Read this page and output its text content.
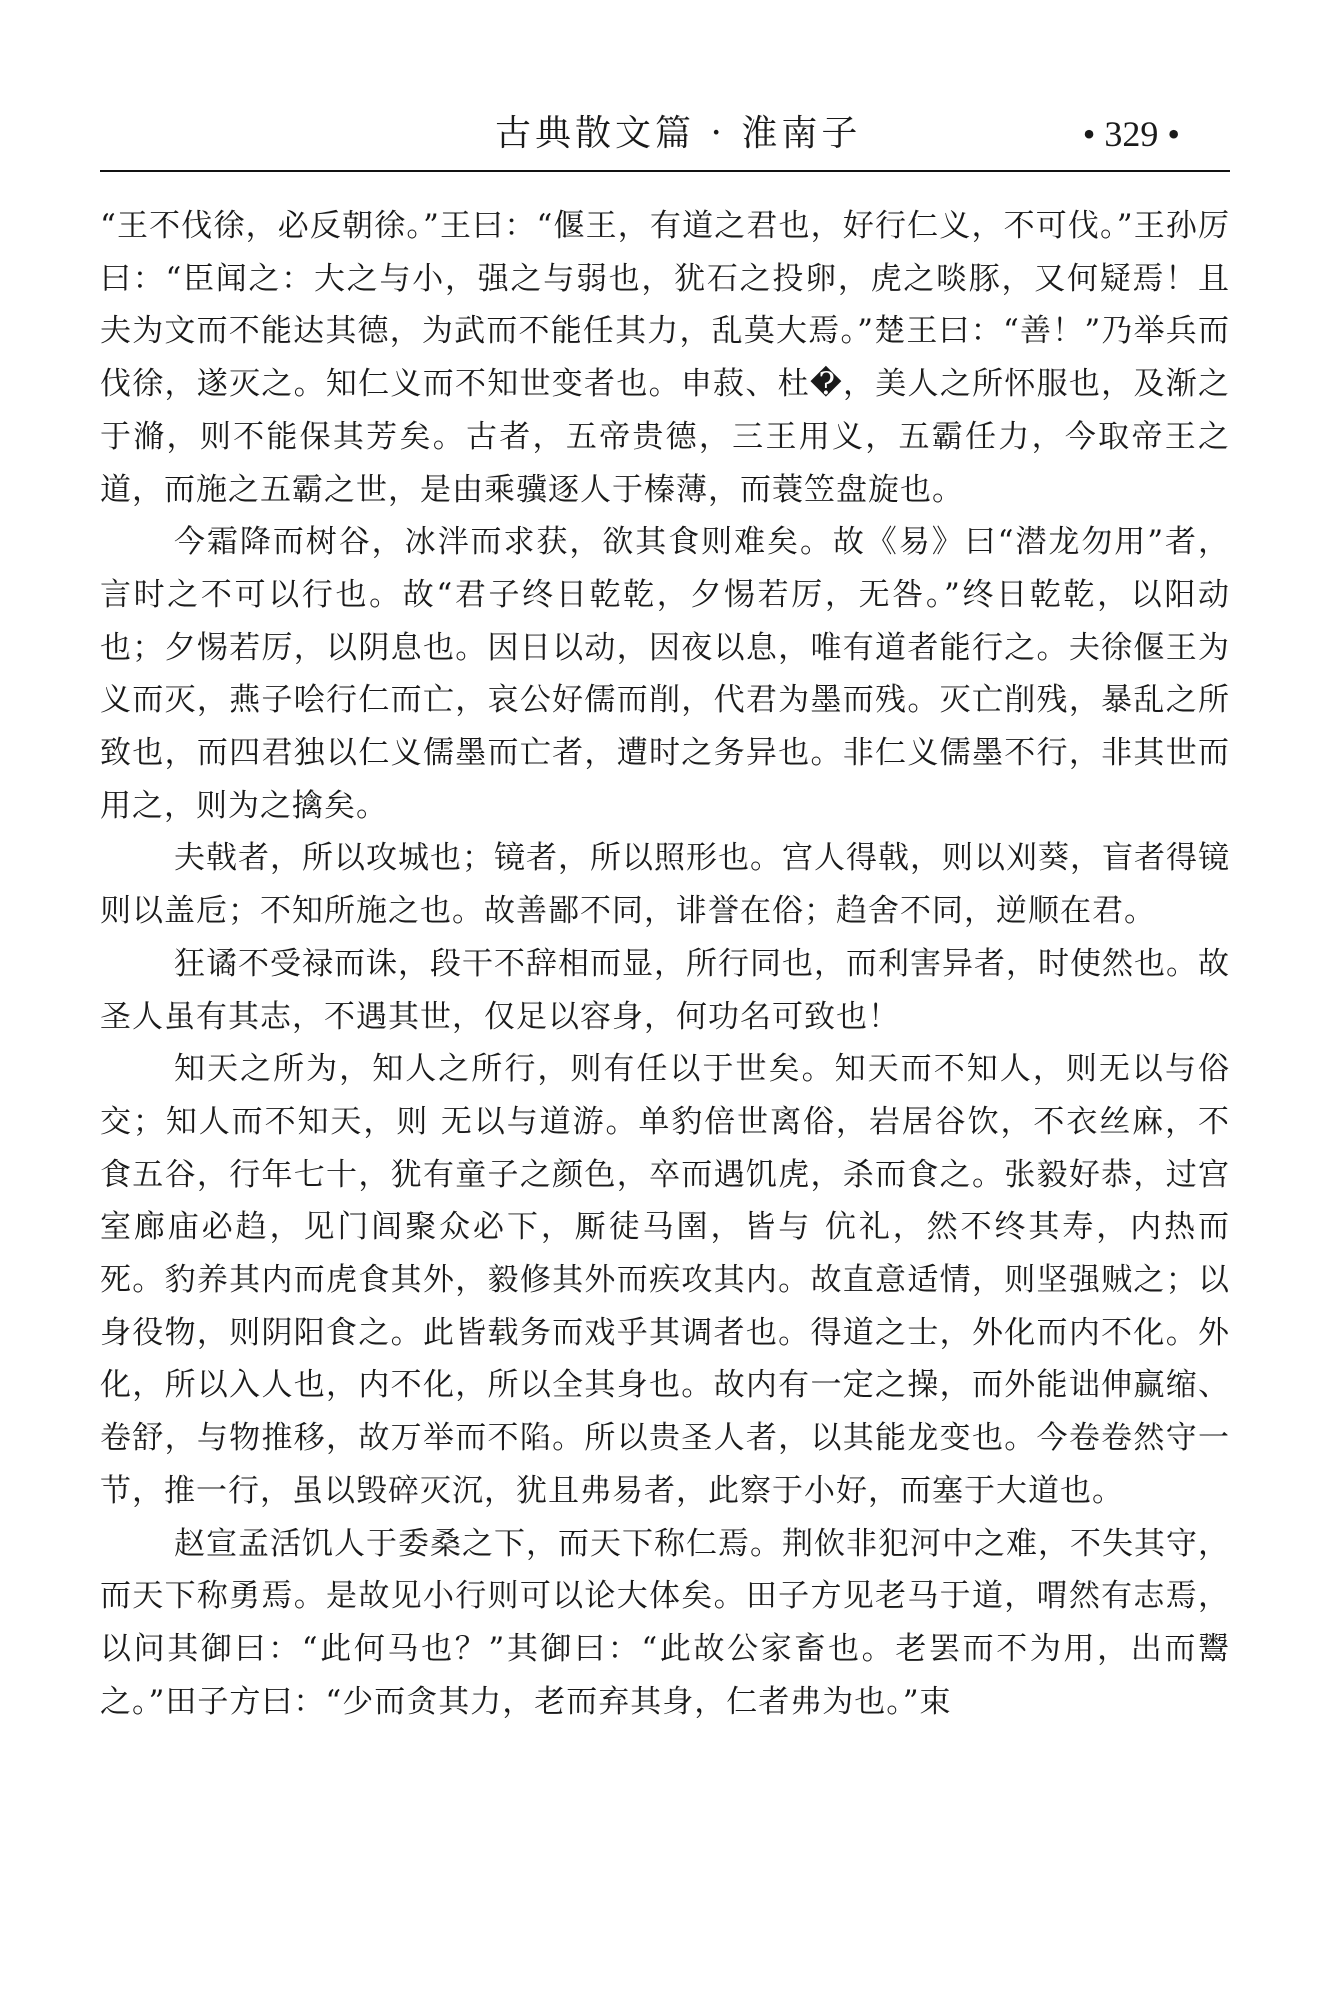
古典散文篇 · 淮南子	• 329 •

“王不伐徐，必反朝徐。”王曰：“偃王，有道之君也，好行仁义，不可伐。”王孙厉曰：“臣闻之：大之与小，强之与弱也，犹石之投卵，虎之啖豚，又何疑焉！且夫为文而不能达其德，为武而不能任其力，乱莫大焉。”楚王曰：“善！”乃举兵而伐徐，遂灭之。知仁义而不知世变者也。申菽、杜�，美人之所怀服也，及渐之于滫，则不能保其芳矣。古者，五帝贵德，三王用义，五霸任力，今取帝王之道，而施之五霸之世，是由乘骥逐人于榛薄，而蓑笠盘旋也。

今霜降而树谷，冰泮而求获，欲其食则难矣。故《易》曰“潜龙勿用”者，言时之不可以行也。故“君子终日乾乾，夕惕若厉，无咎。”终日乾乾，以阳动也；夕惕若厉，以阴息也。因日以动，因夜以息，唯有道者能行之。夫徐偃王为义而灭，燕子哙行仁而亡，哀公好儒而削，代君为墨而残。灭亡削残，暴乱之所致也，而四君独以仁义儒墨而亡者，遭时之务异也。非仁义儒墨不行，非其世而用之，则为之擒矣。

夫戟者，所以攻城也；镜者，所以照形也。宫人得戟，则以刈葵，盲者得镜则以盖卮；不知所施之也。故善鄙不同，诽誉在俗；趋舍不同，逆顺在君。

狂谲不受禄而诛，段干不辞相而显，所行同也，而利害异者，时使然也。故圣人虽有其志，不遇其世，仅足以容身，何功名可致也！

知天之所为，知人之所行，则有任以于世矣。知天而不知人，则无以与俗交；知人而不知天，则 无以与道游。单豹倍世离俗，岩居谷饮，不衣丝麻，不食五谷，行年七十，犹有童子之颜色，卒而遇饥虎，杀而食之。张毅好恭，过宫室廊庙必趋，见门闾聚众必下，厮徒马圉，皆与 伉礼，然不终其寿，内热而死。豹养其内而虎食其外，毅修其外而疾攻其内。故直意适情，则坚强贼之；以身役物，则阴阳食之。此皆载务而戏乎其调者也。得道之士，外化而内不化。外化，所以入人也，内不化，所以全其身也。故内有一定之操，而外能诎伸赢缩、卷舒，与物推移，故万举而不陷。所以贵圣人者，以其能龙变也。今卷卷然守一节，推一行，虽以毁碎灭沉，犹且弗易者，此察于小好，而塞于大道也。

赵宣孟活饥人于委桑之下，而天下称仁焉。荆佽非犯河中之难，不失其守，而天下称勇焉。是故见小行则可以论大体矣。田子方见老马于道，喟然有志焉，以问其御曰：“此何马也？”其御曰：“此故公家畜也。老罢而不为用，出而鬻之。”田子方曰：“少而贪其力，老而弃其身，仁者弗为也。”束
